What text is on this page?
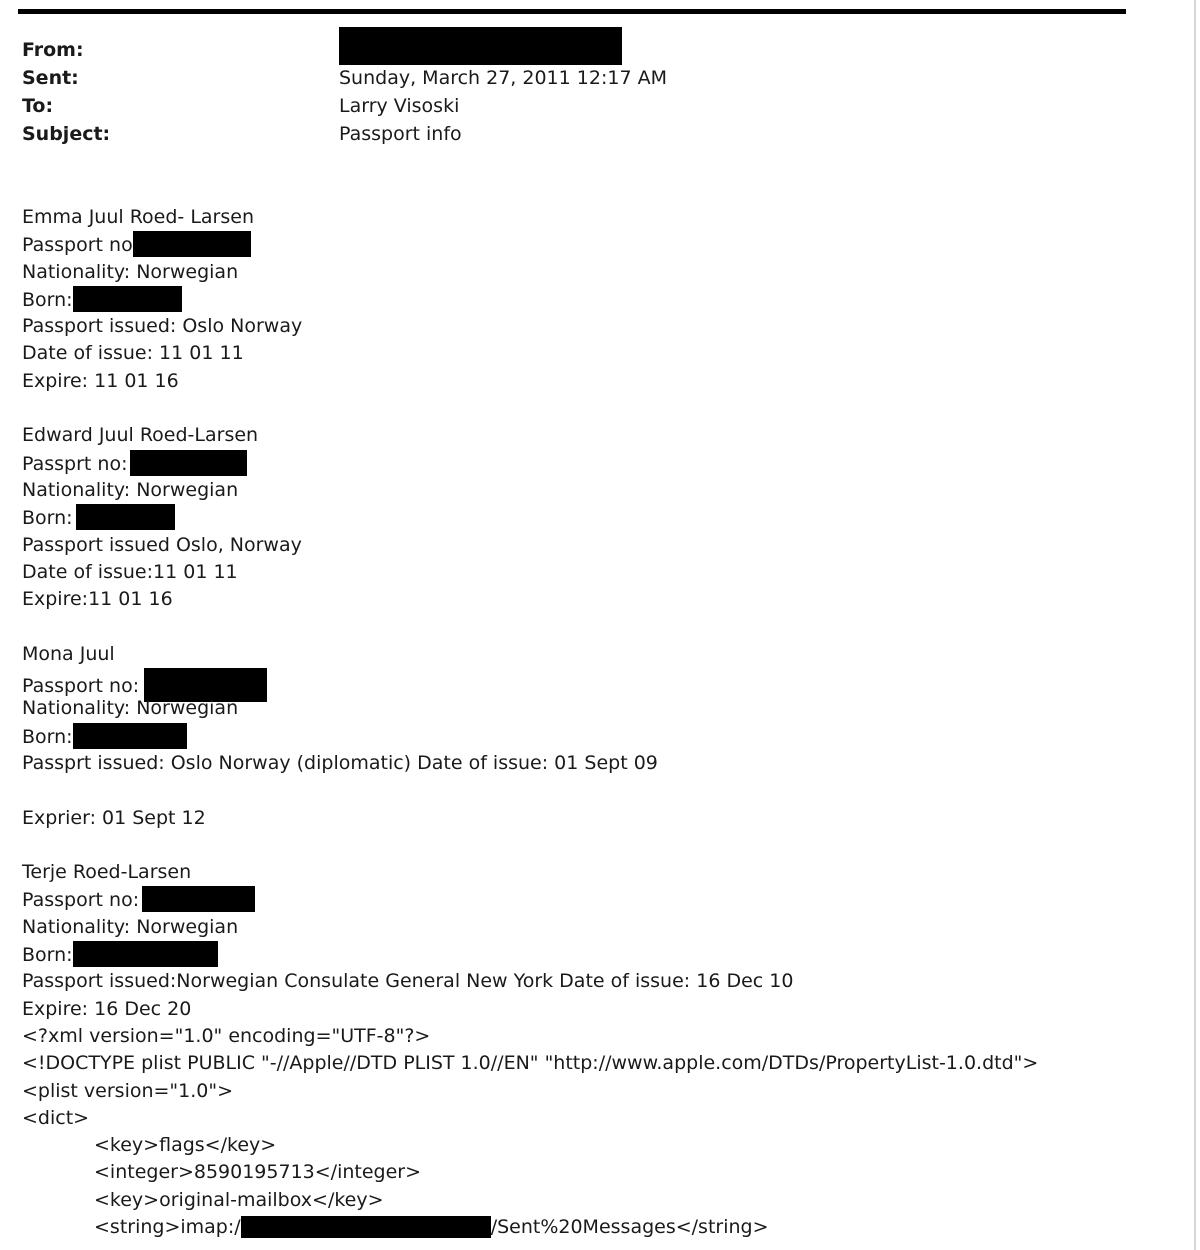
From:
Sent:	Sunday, March 27, 2011 12:17 AM
To:	Larry Visoski
Subject:	Passport info
Emma Juul Roed- Larsen
Passport no
Nationality: Norwegian
Born:
Passport issued: Oslo Norway
Date of issue: 11 01 11
Expire: 11 01 16
Edward Juul Roed-Larsen
Passprt no:
Nationality: Norwegian
Born:
Passport issued Oslo, Norway
Date of issue:11 01 11
Expire:11 01 16
Mona Juul
Passport no:
Nationality: Norwegian
Born:
Passprt issued: Oslo Norway (diplomatic) Date of issue: 01 Sept 09
Exprier: 01 Sept 12
Terje Roed-Larsen
Passport no:
Nationality: Norwegian
Born:
Passport issued:Norwegian Consulate General New York Date of issue: 16 Dec 10
Expire: 16 Dec 20
<?xml version="1.0" encoding="UTF-8"?>
<!DOCTYPE plist PUBLIC "-//Apple//DTD PLIST 1.0//EN" "http://www.apple.com/DTDs/PropertyList-1.0.dtd">
<plist version="1.0">
<dict>
<key>flags</key>
<integer>8590195713</integer>
<key>original-mailbox</key>
<string>imap:/	/Sent%20Messages</string>
